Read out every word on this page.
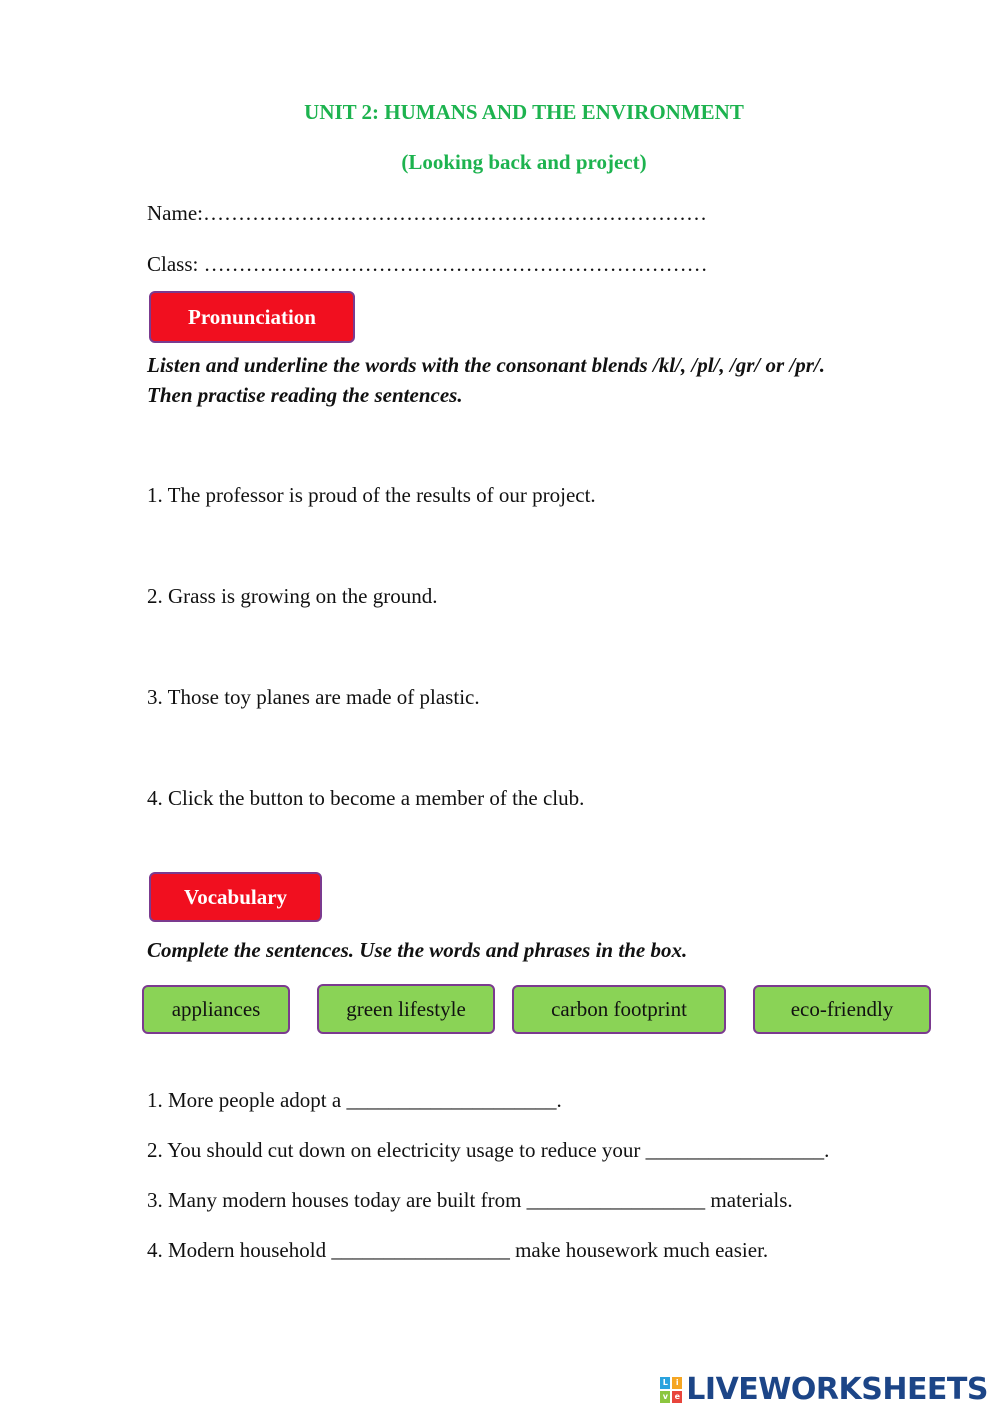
UNIT 2: HUMANS AND THE ENVIRONMENT
(Looking back and project)
Name:………………………………………………………………
Class: ………………………………………………………………
Pronunciation
Listen and underline the words with the consonant blends /kl/, /pl/, /gr/ or /pr/.
Then practise reading the sentences.
1. The professor is proud of the results of our project.
2. Grass is growing on the ground.
3. Those toy planes are made of plastic.
4. Click the button to become a member of the club.
Vocabulary
Complete the sentences. Use the words and phrases in the box.
appliances	green lifestyle	carbon footprint	eco-friendly
1. More people adopt a ____________________.
2. You should cut down on electricity usage to reduce your _________________.
3. Many modern houses today are built from _________________ materials.
4. Modern household _________________ make housework much easier.
L	i
v e LIVEWORKSHEETS
